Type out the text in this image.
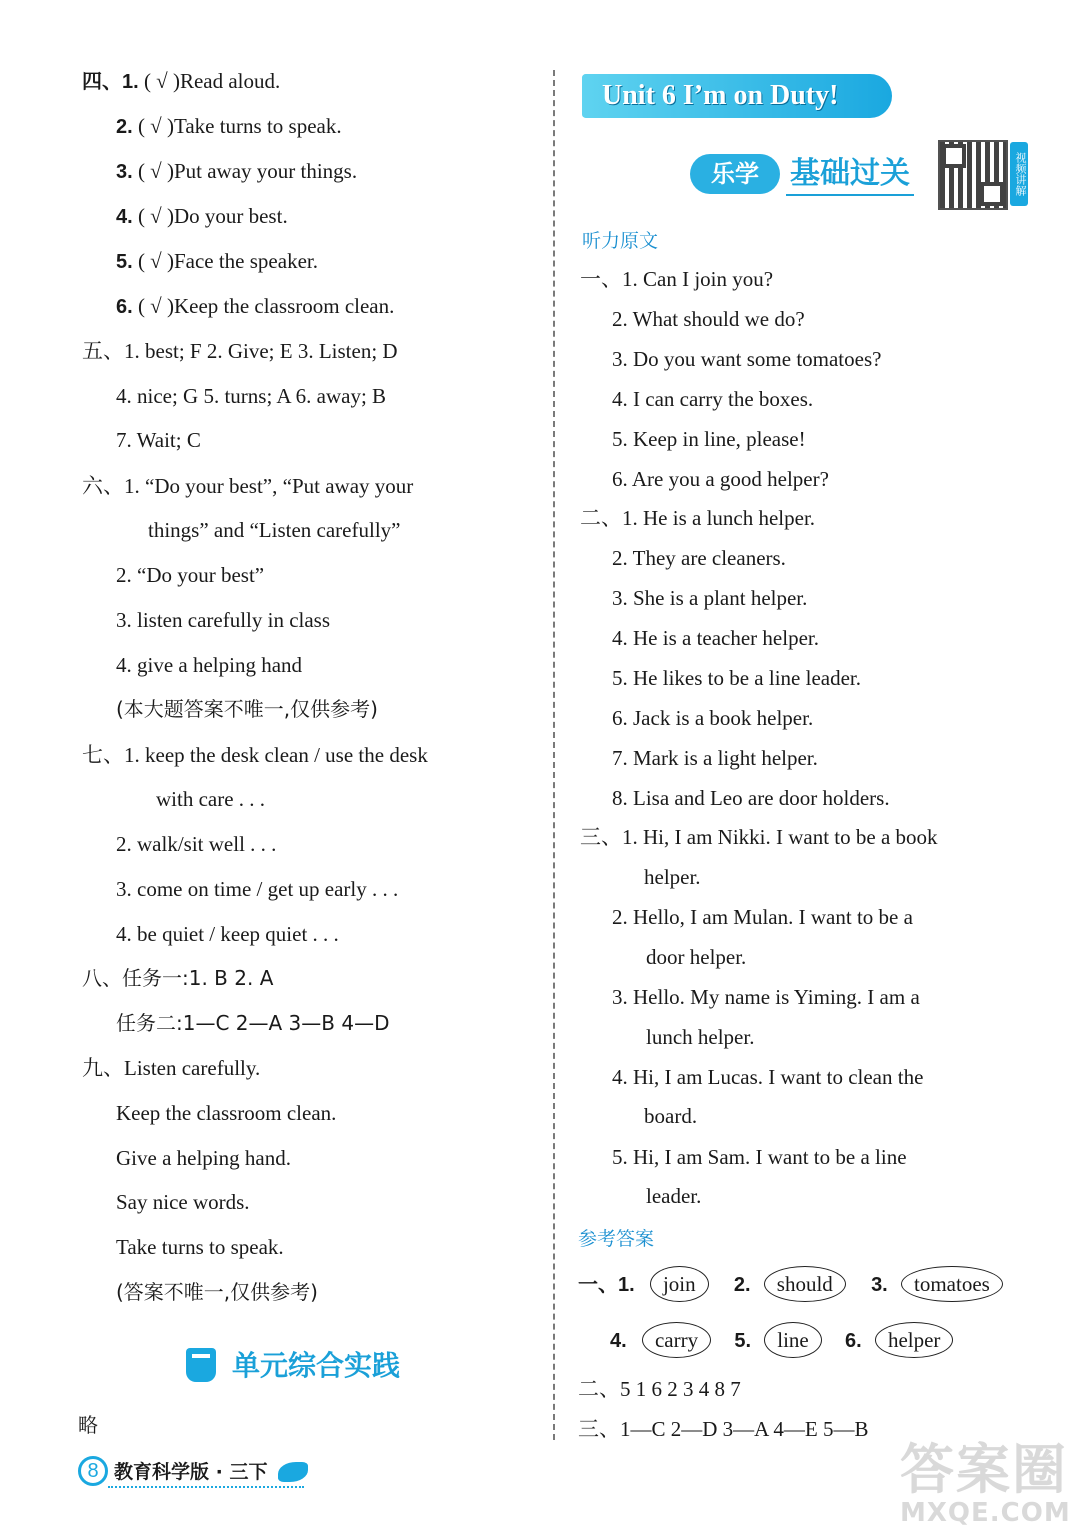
四、1. ( √ )Read aloud.
2. ( √ )Take turns to speak.
3. ( √ )Put away your things.
4. ( √ )Do your best.
5. ( √ )Face the speaker.
6. ( √ )Keep the classroom clean.
五、1. best; F 2. Give; E 3. Listen; D
4. nice; G 5. turns; A 6. away; B
7. Wait; C
六、1. “Do your best”, “Put away your
things” and “Listen carefully”
2. “Do your best”
3. listen carefully in class
4. give a helping hand
(本大题答案不唯一,仅供参考)
七、1. keep the desk clean / use the desk
with care . . .
2. walk/sit well . . .
3. come on time / get up early . . .
4. be quiet / keep quiet . . .
八、任务一:1. B 2. A
任务二:1—C 2—A 3—B 4—D
九、Listen carefully.
Keep the classroom clean.
Give a helping hand.
Say nice words.
Take turns to speak.
(答案不唯一,仅供参考)
单元综合实践
略
8 教育科学版 · 三下
Unit 6 I’m on Duty!
乐学	基础过关	视频讲解
听力原文
一、1. Can I join you?
2. What should we do?
3. Do you want some tomatoes?
4. I can carry the boxes.
5. Keep in line, please!
6. Are you a good helper?
二、1. He is a lunch helper.
2. They are cleaners.
3. She is a plant helper.
4. He is a teacher helper.
5. He likes to be a line leader.
6. Jack is a book helper.
7. Mark is a light helper.
8. Lisa and Leo are door holders.
三、1. Hi, I am Nikki. I want to be a book
helper.
2. Hello, I am Mulan. I want to be a
door helper.
3. Hello. My name is Yiming. I am a
lunch helper.
4. Hi, I am Lucas. I want to clean the
board.
5. Hi, I am Sam. I want to be a line
leader.
参考答案
一、1. join 2. should 3. tomatoes
4. carry 5. line 6. helper
二、5 1 6 2 3 4 8 7
三、1—C 2—D 3—A 4—E 5—B
答案圈
MXQE.COM
